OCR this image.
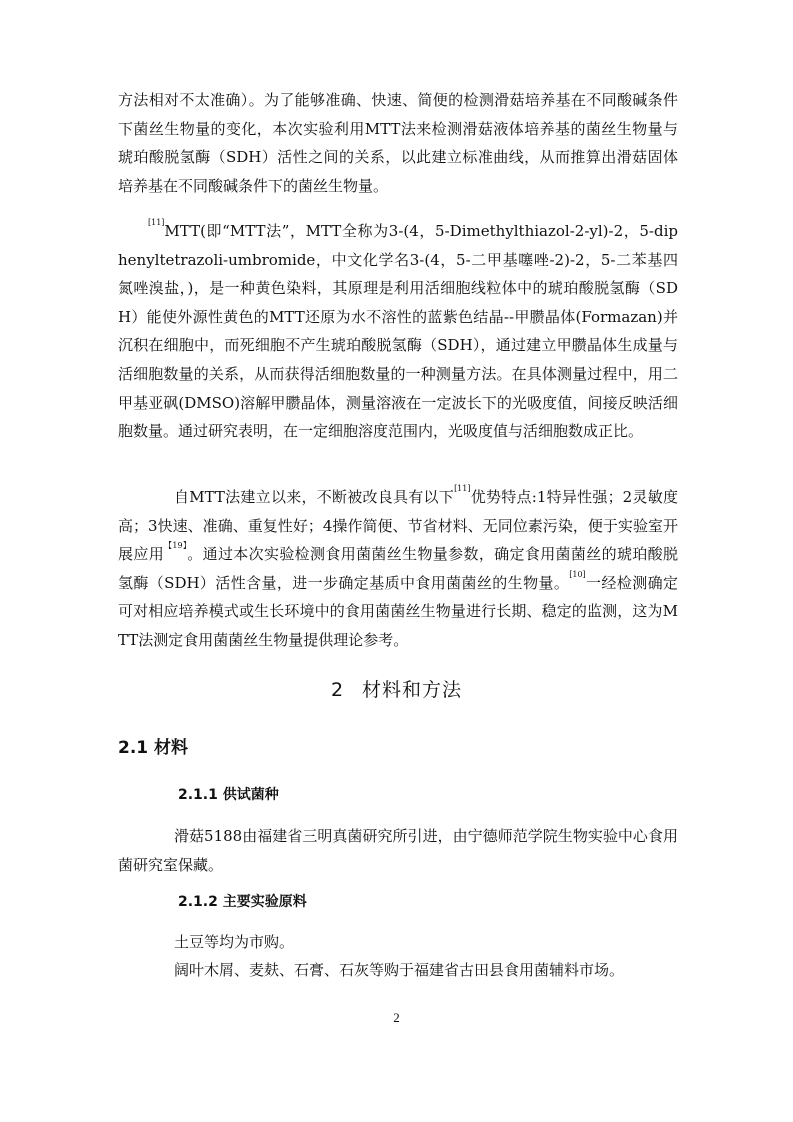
方法相对不太准确）。为了能够准确、快速、简便的检测滑菇培养基在不同酸碱条件下菌丝生物量的变化，本次实验利用MTT法来检测滑菇液体培养基的菌丝生物量与琥珀酸脱氢酶（SDH）活性之间的关系，以此建立标准曲线，从而推算出滑菇固体培养基在不同酸碱条件下的菌丝生物量。

[11]MTT(即“MTT法”，MTT全称为3-(4，5-Dimethylthiazol-2-yl)-2，5-diphenyltetrazoli-umbromide，中文化学名3-(4，5-二甲基噻唑-2)-2，5-二苯基四氮唑溴盐，)，是一种黄色染料，其原理是利用活细胞线粒体中的琥珀酸脱氢酶（SDH）能使外源性黄色的MTT还原为水不溶性的蓝紫色结晶--甲臜晶体(Formazan)并沉积在细胞中，而死细胞不产生琥珀酸脱氢酶（SDH），通过建立甲臜晶体生成量与活细胞数量的关系，从而获得活细胞数量的一种测量方法。在具体测量过程中，用二甲基亚砜(DMSO)溶解甲臜晶体，测量溶液在一定波长下的光吸度值，间接反映活细胞数量。通过研究表明，在一定细胞溶度范围内，光吸度值与活细胞数成正比。

自MTT法建立以来，不断被改良具有以下[11]优势特点:1特异性强；2灵敏度高；3快速、准确、重复性好；4操作简便、节省材料、无同位素污染，便于实验室开展应用$^{【19】}$。通过本次实验检测食用菌菌丝生物量参数，确定食用菌菌丝的琥珀酸脱氢酶（SDH）活性含量，进一步确定基质中食用菌菌丝的生物量。[10]一经检测确定可对相应培养模式或生长环境中的食用菌菌丝生物量进行长期、稳定的监测，这为MTT法测定食用菌菌丝生物量提供理论参考。

2 材料和方法
2.1 材料
2.1.1 供试菌种

滑菇5188由福建省三明真菌研究所引进，由宁德师范学院生物实验中心食用菌研究室保藏。

2.1.2 主要实验原料

土豆等均为市购。

阔叶木屑、麦麸、石膏、石灰等购于福建省古田县食用菌辅料市场。

2
